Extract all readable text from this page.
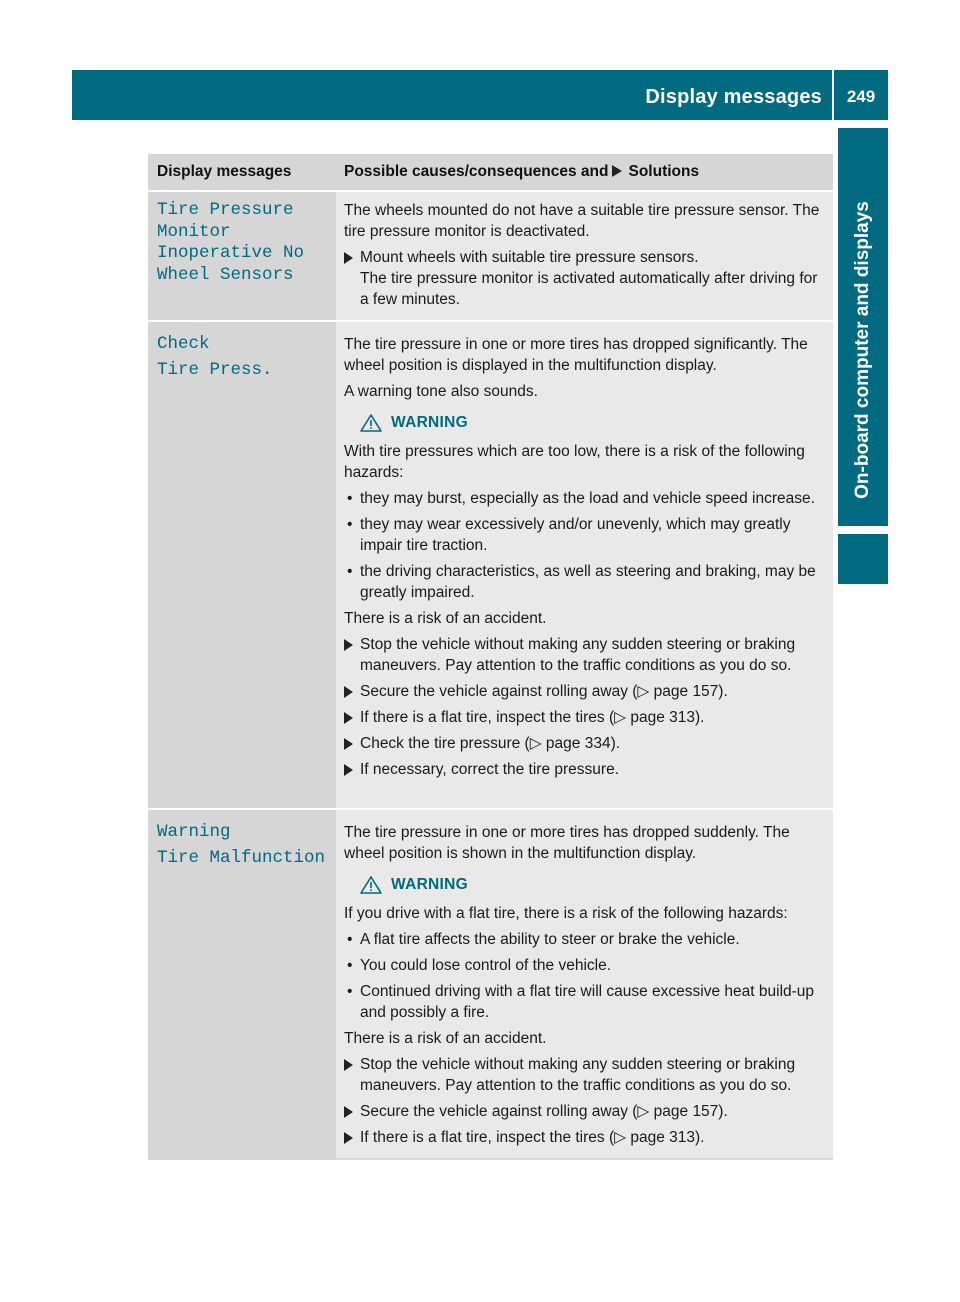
Display messages	249
On-board computer and displays
Display messages	Possible causes/consequences and Solutions
Tire Pressure
Monitor
Inoperative No
Wheel Sensors

The wheels mounted do not have a suitable tire pressure sensor. The tire pressure monitor is deactivated.

Mount wheels with suitable tire pressure sensors.
The tire pressure monitor is activated automatically after driving for a few minutes.
Check
Tire Press.

The tire pressure in one or more tires has dropped significantly. The wheel position is displayed in the multifunction display.

A warning tone also sounds.

WARNING

With tire pressures which are too low, there is a risk of the following hazards:

• they may burst, especially as the load and vehicle speed increase.
• they may wear excessively and/or unevenly, which may greatly impair tire traction.
• the driving characteristics, as well as steering and braking, may be greatly impaired.

There is a risk of an accident.

Stop the vehicle without making any sudden steering or braking maneuvers. Pay attention to the traffic conditions as you do so.
Secure the vehicle against rolling away (▷ page 157).
If there is a flat tire, inspect the tires (▷ page 313).
Check the tire pressure (▷ page 334).
If necessary, correct the tire pressure.
Warning
Tire Malfunction

The tire pressure in one or more tires has dropped suddenly. The wheel position is shown in the multifunction display.

WARNING

If you drive with a flat tire, there is a risk of the following hazards:

• A flat tire affects the ability to steer or brake the vehicle.
• You could lose control of the vehicle.
• Continued driving with a flat tire will cause excessive heat build-up and possibly a fire.

There is a risk of an accident.

Stop the vehicle without making any sudden steering or braking maneuvers. Pay attention to the traffic conditions as you do so.
Secure the vehicle against rolling away (▷ page 157).
If there is a flat tire, inspect the tires (▷ page 313).
